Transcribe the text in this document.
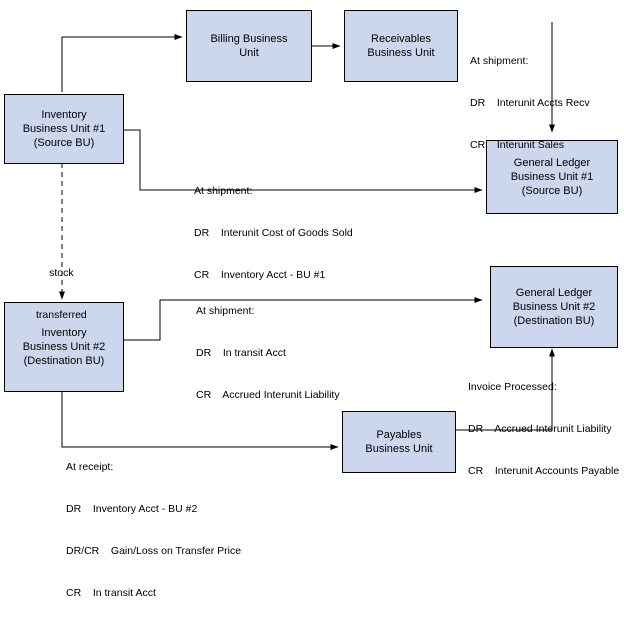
Billing Business
Unit
Receivables
Business Unit
Inventory
Business Unit #1
(Source BU)
General Ledger
Business Unit #1
(Source BU)
Inventory
Business Unit #2
(Destination BU)
General Ledger
Business Unit #2
(Destination BU)
Payables
Business Unit

At shipment:

DR    Interunit Accts Recv

CR    Interunit Sales

At shipment:

DR    Interunit Cost of Goods Sold

CR    Inventory Acct - BU #1

stock

transferred

	At shipment:

DR    In transit Acct

CR    Accrued Interunit Liability

Invoice Processed:

DR    Accrued Interunit Liability

CR    Interunit Accounts Payable

At receipt:

DR    Inventory Acct - BU #2

DR/CR    Gain/Loss on Transfer Price

CR    In transit Acct
